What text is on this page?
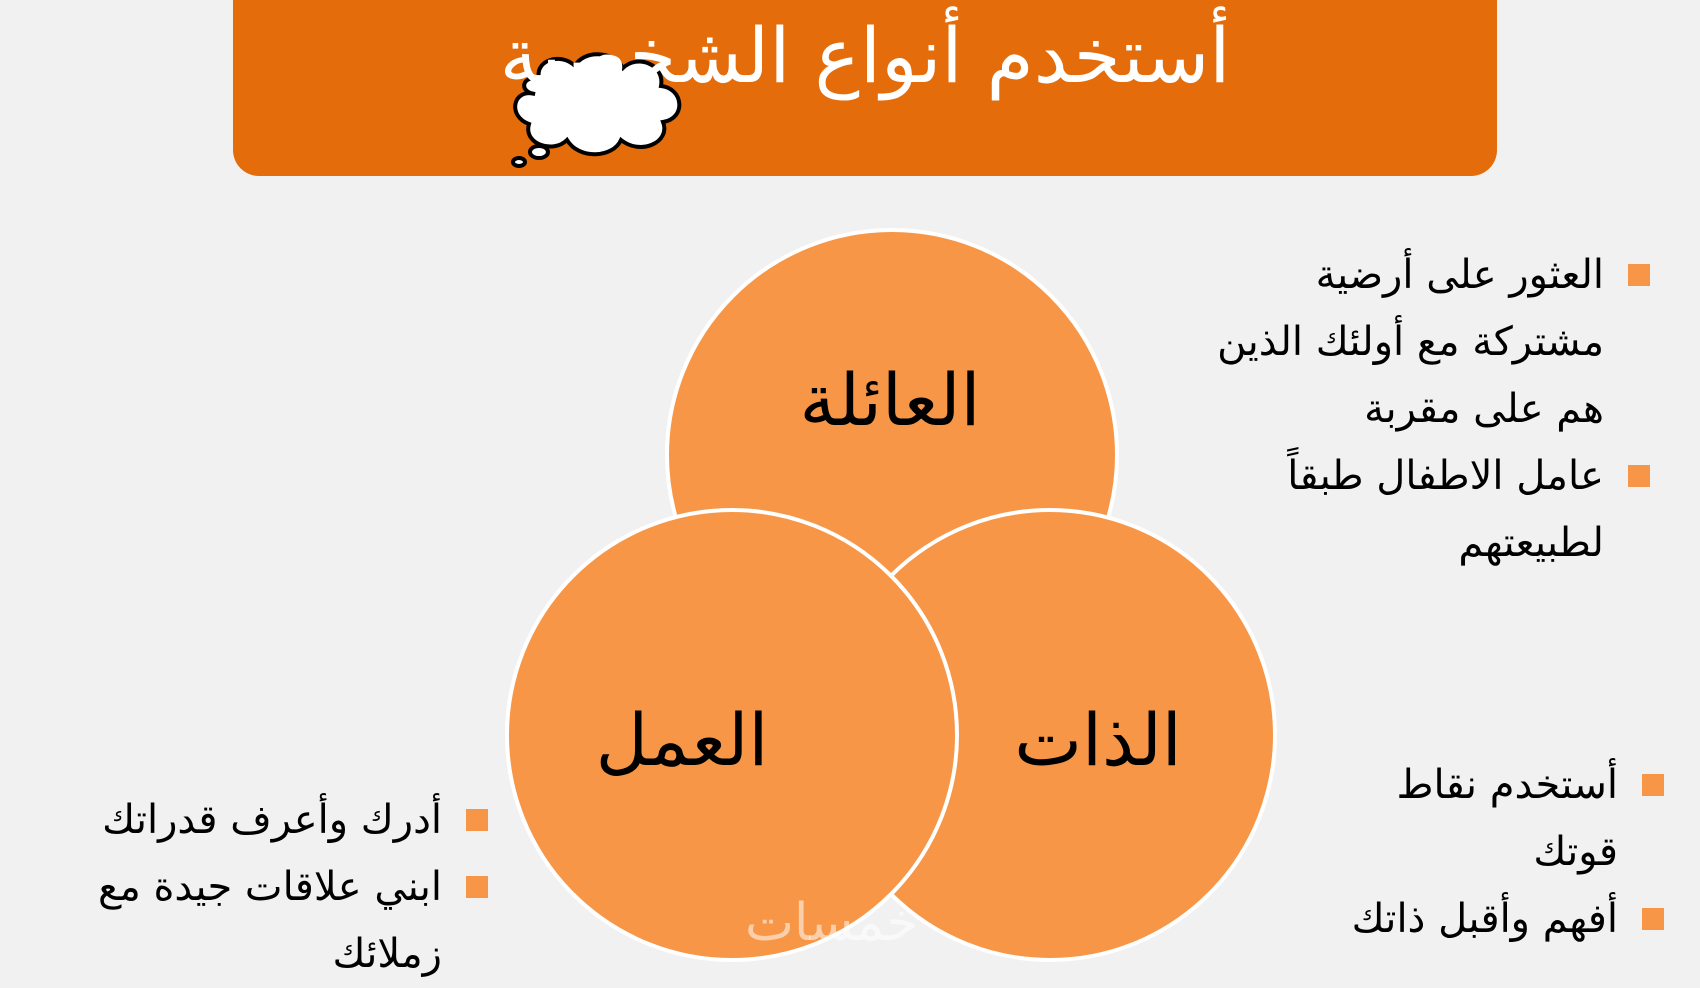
أستخدم أنواع الشخصية
العائلة
العمل	الذات
العثور على أرضية مشتركة مع أولئك الذين هم على مقربة
عامل الاطفال طبقاً لطبيعتهم
أستخدم نقاط قوتك
أفهم وأقبل ذاتك
أدرك وأعرف قدراتك
ابني علاقات جيدة مع زملائك
خمسات
